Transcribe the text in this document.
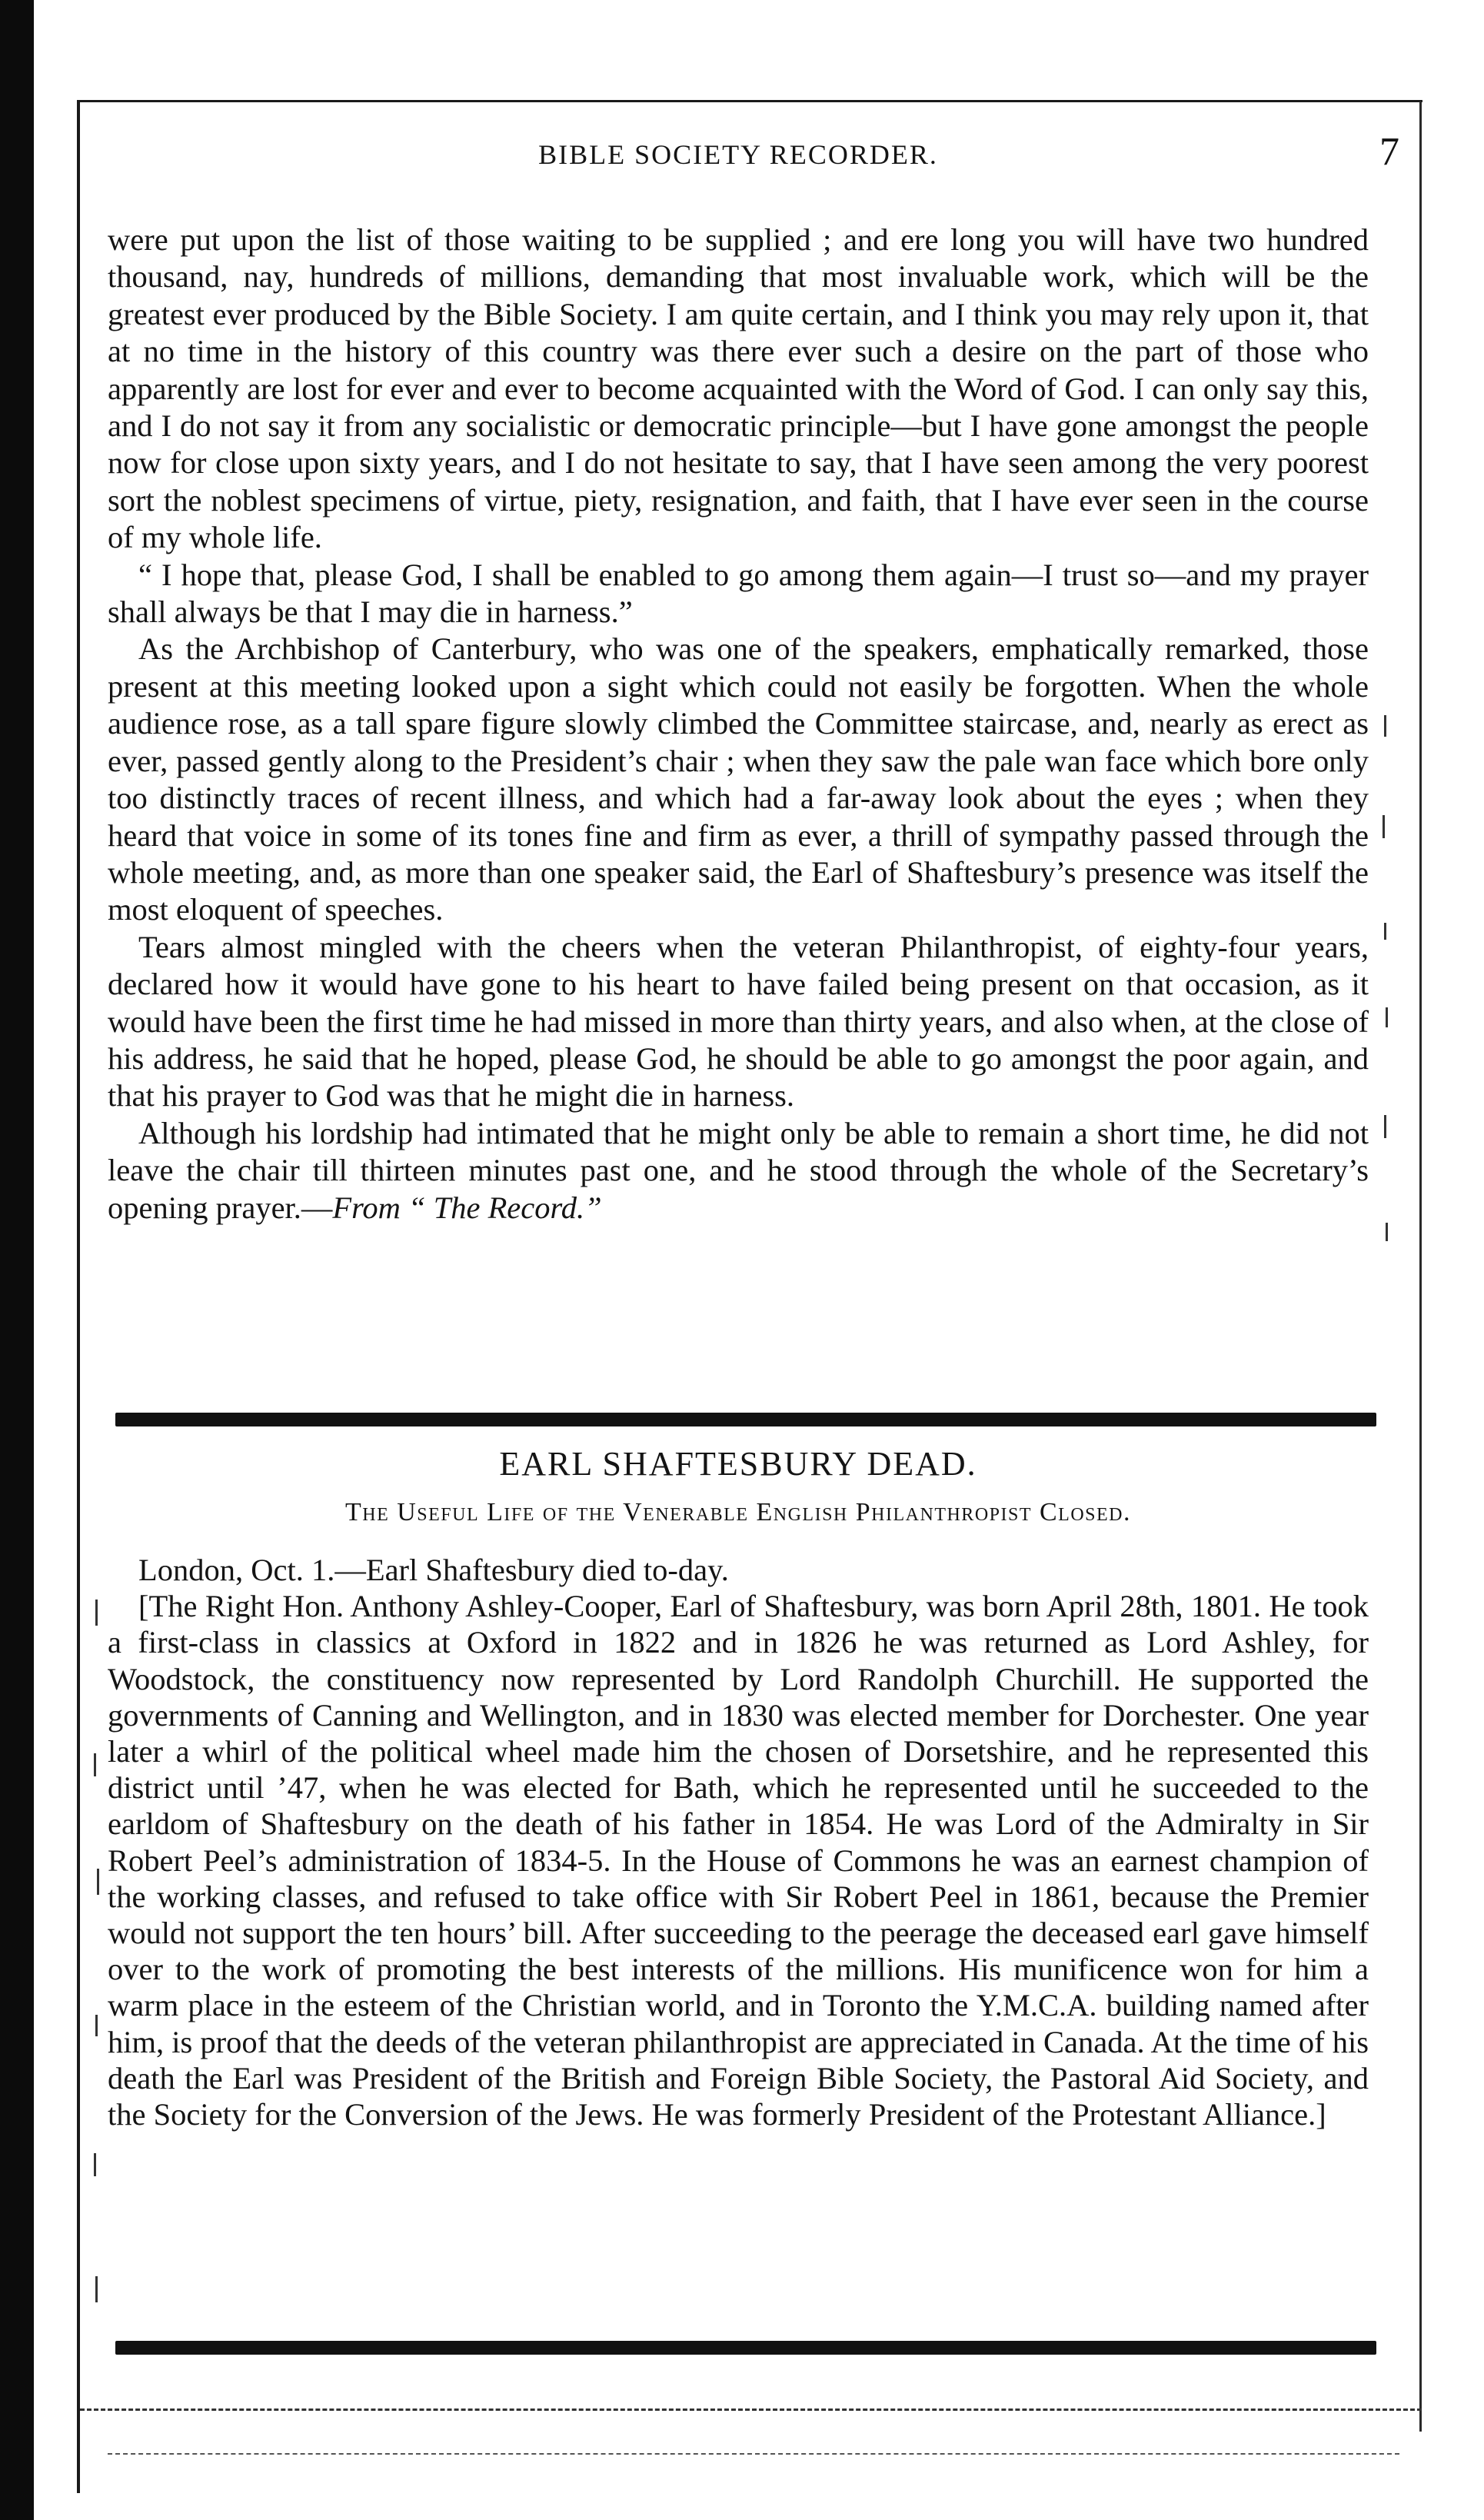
BIBLE SOCIETY RECORDER.	7

were put upon the list of those waiting to be supplied ; and ere long you will have two hundred thousand, nay, hundreds of millions, demanding that most invaluable work, which will be the greatest ever produced by the Bible Society. I am quite certain, and I think you may rely upon it, that at no time in the history of this country was there ever such a desire on the part of those who apparently are lost for ever and ever to become acquainted with the Word of God. I can only say this, and I do not say it from any socialistic or democratic principle—but I have gone amongst the people now for close upon sixty years, and I do not hesitate to say, that I have seen among the very poorest sort the noblest specimens of virtue, piety, resignation, and faith, that I have ever seen in the course of my whole life.

“ I hope that, please God, I shall be enabled to go among them again—I trust so—and my prayer shall always be that I may die in harness.”

As the Archbishop of Canterbury, who was one of the speakers, emphatically remarked, those present at this meeting looked upon a sight which could not easily be forgotten. When the whole audience rose, as a tall spare figure slowly climbed the Committee staircase, and, nearly as erect as ever, passed gently along to the President’s chair ; when they saw the pale wan face which bore only too distinctly traces of recent illness, and which had a far-away look about the eyes ; when they heard that voice in some of its tones fine and firm as ever, a thrill of sympathy passed through the whole meeting, and, as more than one speaker said, the Earl of Shaftesbury’s presence was itself the most eloquent of speeches.

Tears almost mingled with the cheers when the veteran Philanthropist, of eighty-four years, declared how it would have gone to his heart to have failed being present on that occasion, as it would have been the first time he had missed in more than thirty years, and also when, at the close of his address, he said that he hoped, please God, he should be able to go amongst the poor again, and that his prayer to God was that he might die in harness.

Although his lordship had intimated that he might only be able to remain a short time, he did not leave the chair till thirteen minutes past one, and he stood through the whole of the Secretary’s opening prayer.—From “ The Record.”

EARL SHAFTESBURY DEAD.
The Useful Life of the Venerable English Philanthropist Closed.

London, Oct. 1.—Earl Shaftesbury died to-day.

[The Right Hon. Anthony Ashley-Cooper, Earl of Shaftesbury, was born April 28th, 1801. He took a first-class in classics at Oxford in 1822 and in 1826 he was returned as Lord Ashley, for Woodstock, the constituency now represented by Lord Randolph Churchill. He supported the governments of Canning and Wellington, and in 1830 was elected member for Dorchester. One year later a whirl of the political wheel made him the chosen of Dorsetshire, and he represented this district until ’47, when he was elected for Bath, which he represented until he succeeded to the earldom of Shaftesbury on the death of his father in 1854. He was Lord of the Admiralty in Sir Robert Peel’s administration of 1834-5. In the House of Commons he was an earnest champion of the working classes, and refused to take office with Sir Robert Peel in 1861, because the Premier would not support the ten hours’ bill. After succeeding to the peerage the deceased earl gave himself over to the work of promoting the best interests of the millions. His munificence won for him a warm place in the esteem of the Christian world, and in Toronto the Y.M.C.A. building named after him, is proof that the deeds of the veteran philanthropist are appreciated in Canada. At the time of his death the Earl was President of the British and Foreign Bible Society, the Pastoral Aid Society, and the Society for the Conversion of the Jews. He was formerly President of the Protestant Alliance.]
